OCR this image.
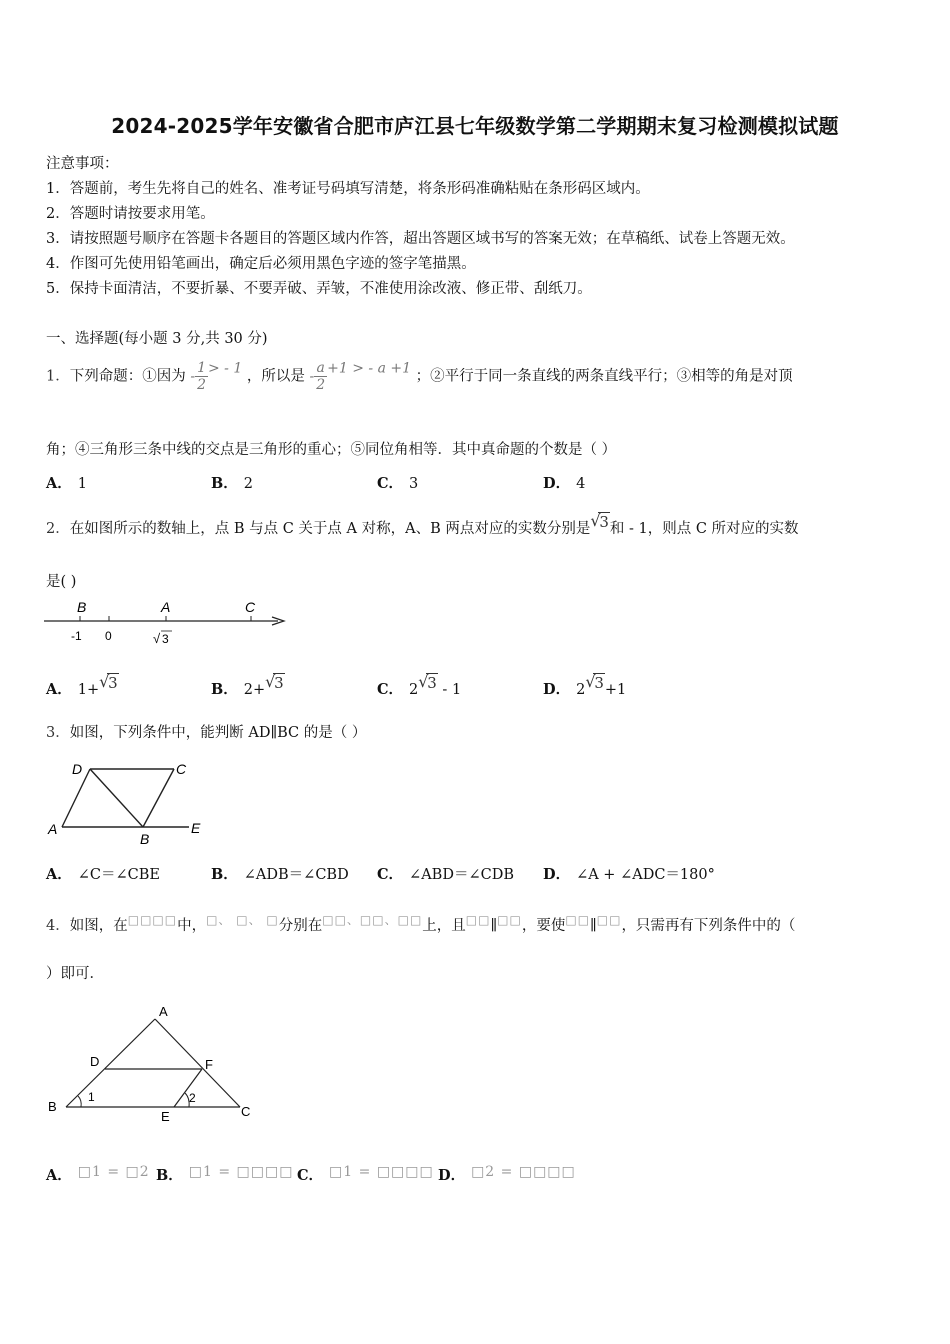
2024-2025学年安徽省合肥市庐江县七年级数学第二学期期末复习检测模拟试题
注意事项：
1．答题前，考生先将自己的姓名、准考证号码填写清楚，将条形码准确粘贴在条形码区域内。
2．答题时请按要求用笔。
3．请按照题号顺序在答题卡各题目的答题区域内作答，超出答题区域书写的答案无效；在草稿纸、试卷上答题无效。
4．作图可先使用铅笔画出，确定后必须用黑色字迹的签字笔描黑。
5．保持卡面清洁，不要折暴、不要弄破、弄皱，不准使用涂改液、修正带、刮纸刀。
一、选择题(每小题 3 分,共 30 分)
1．下列命题：①因为 - $\frac{1}{2}$ > - 1 ，所以是 - $\frac{a}{2} +1$ > - a +1 ；②平行于同一条直线的两条直线平行；③相等的角是对顶
角；④三角形三条中线的交点是三角形的重心；⑤同位角相等．其中真命题的个数是（ ）
A． 1	B． 2	C． 3	D． 4
2．在如图所示的数轴上，点 B 与点 C 关于点 A 对称，A、B 两点对应的实数分别是 √
3和 - 1，则点 C 所对应的实数
是( )
B	A	C
-1 0	√ 3
A． 1+ √
3	B． 2+ √
3	C． 2 √
3 - 1	D． 2 √
3+1
3．如图，下列条件中，能判断 AD∥BC 的是（ ）
D	C
A
B
E
A． ∠C＝∠CBE	B． ∠ADB＝∠CBD C． ∠ABD＝∠CDB D． ∠A + ∠ADC＝180°
4．如图，在□□□□中，□、 □、 □分别在□□、□□、□□上，且□□∥□□，要使□□∥□□，只需再有下列条件中的（
）即可．
A
D	F
B
E	C
1	2
A． □1 = □2 B． □1 = □□□□ C． □1 = □□□□ D． □2 = □□□□
